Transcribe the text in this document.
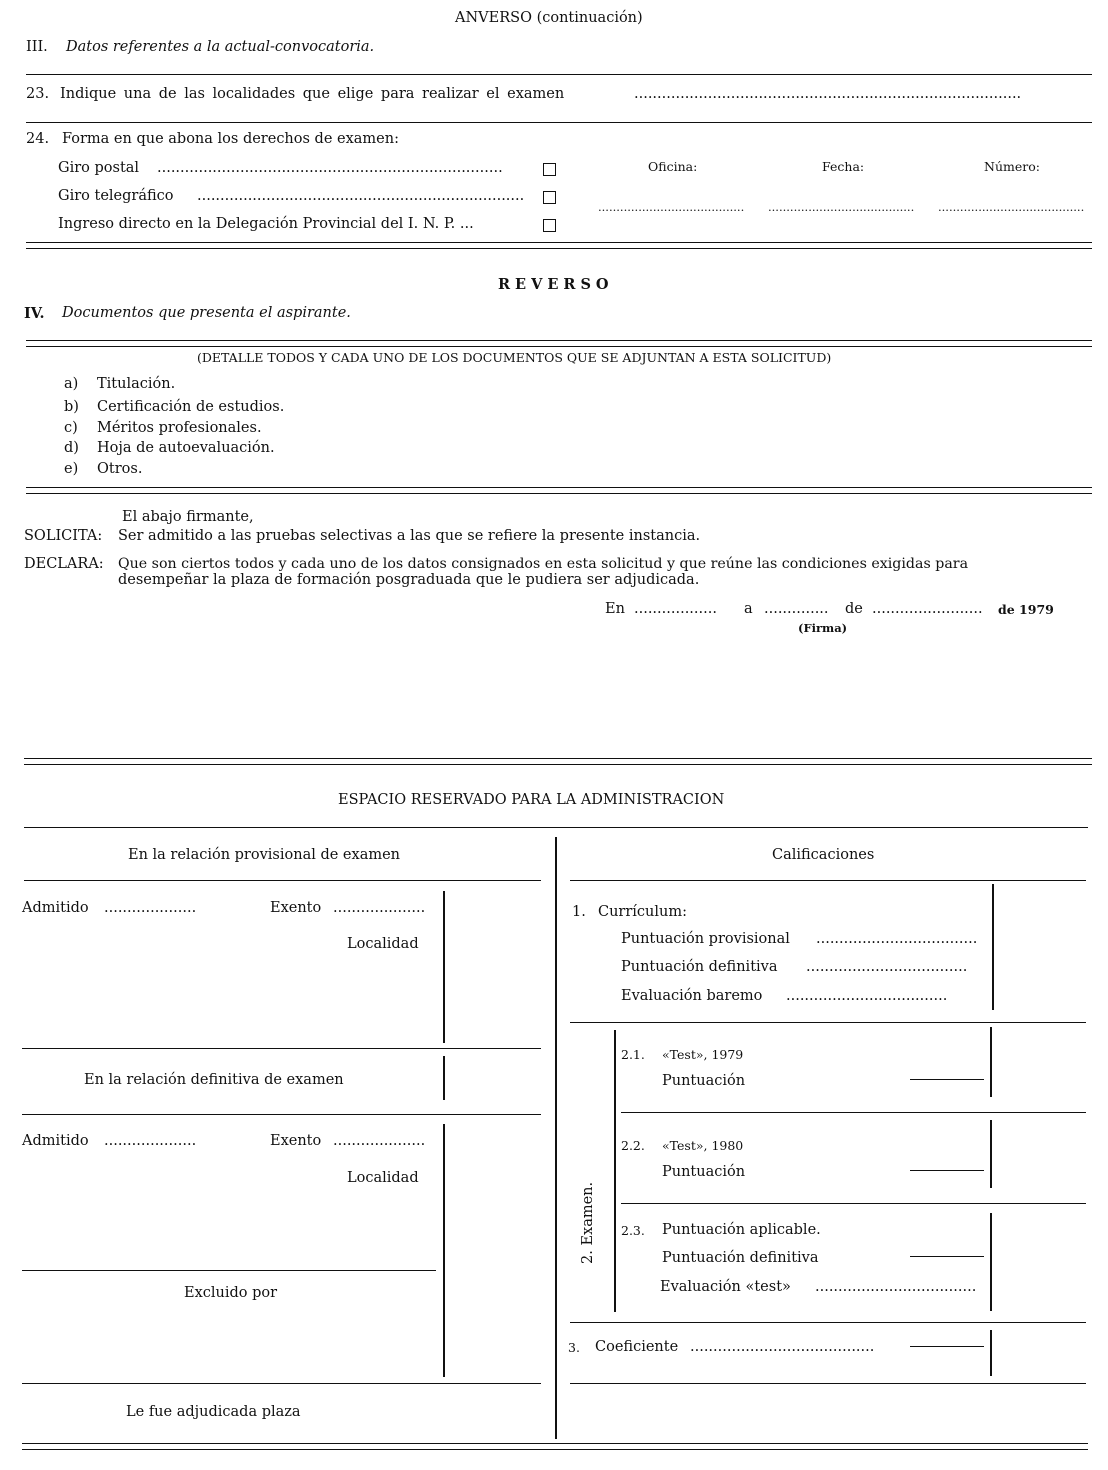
ANVERSO (continuación)
III. Datos referentes a la actual-convocatoria.
23. Indique una de las localidades que elige para realizar el examen	....................................................................................
24. Forma en que abona los derechos de examen:
Giro postal ...........................................................................
Giro telegráfico .......................................................................
Ingreso directo en la Delegación Provincial del I. N. P. ...
Oficina:	Fecha:	Número:
........................................ ........................................ ........................................
REVERSO
IV. Documentos que presenta el aspirante.
(DETALLE TODOS Y CADA UNO DE LOS DOCUMENTOS QUE SE ADJUNTAN A ESTA SOLICITUD)
a) Titulación.
b) Certificación de estudios.
c) Méritos profesionales.
d) Hoja de autoevaluación.
e) Otros.
El abajo firmante,
SOLICITA: Ser admitido a las pruebas selectivas a las que se refiere la presente instancia.
DECLARA: Que son ciertos todos y cada uno de los datos consignados en esta solicitud y que reúne las condiciones exigidas para
desempeñar la plaza de formación posgraduada que le pudiera ser adjudicada.
En .................. a .............. de ........................ de 1979
(Firma)
ESPACIO RESERVADO PARA LA ADMINISTRACION
En la relación provisional de examen
Admitido ....................	Exento ....................
Localidad
En la relación definitiva de examen
Admitido ....................	Exento ....................
Localidad
Excluido por
Le fue adjudicada plaza
Calificaciones
1. Currículum:
Puntuación provisional ...................................
Puntuación definitiva ...................................
Evaluación baremo ...................................
2. Examen.
2.1. «Test», 1979
Puntuación
2.2. «Test», 1980
Puntuación
2.3. Puntuación aplicable.
Puntuación definitiva
Evaluación «test» ...................................
3. Coeficiente ........................................
